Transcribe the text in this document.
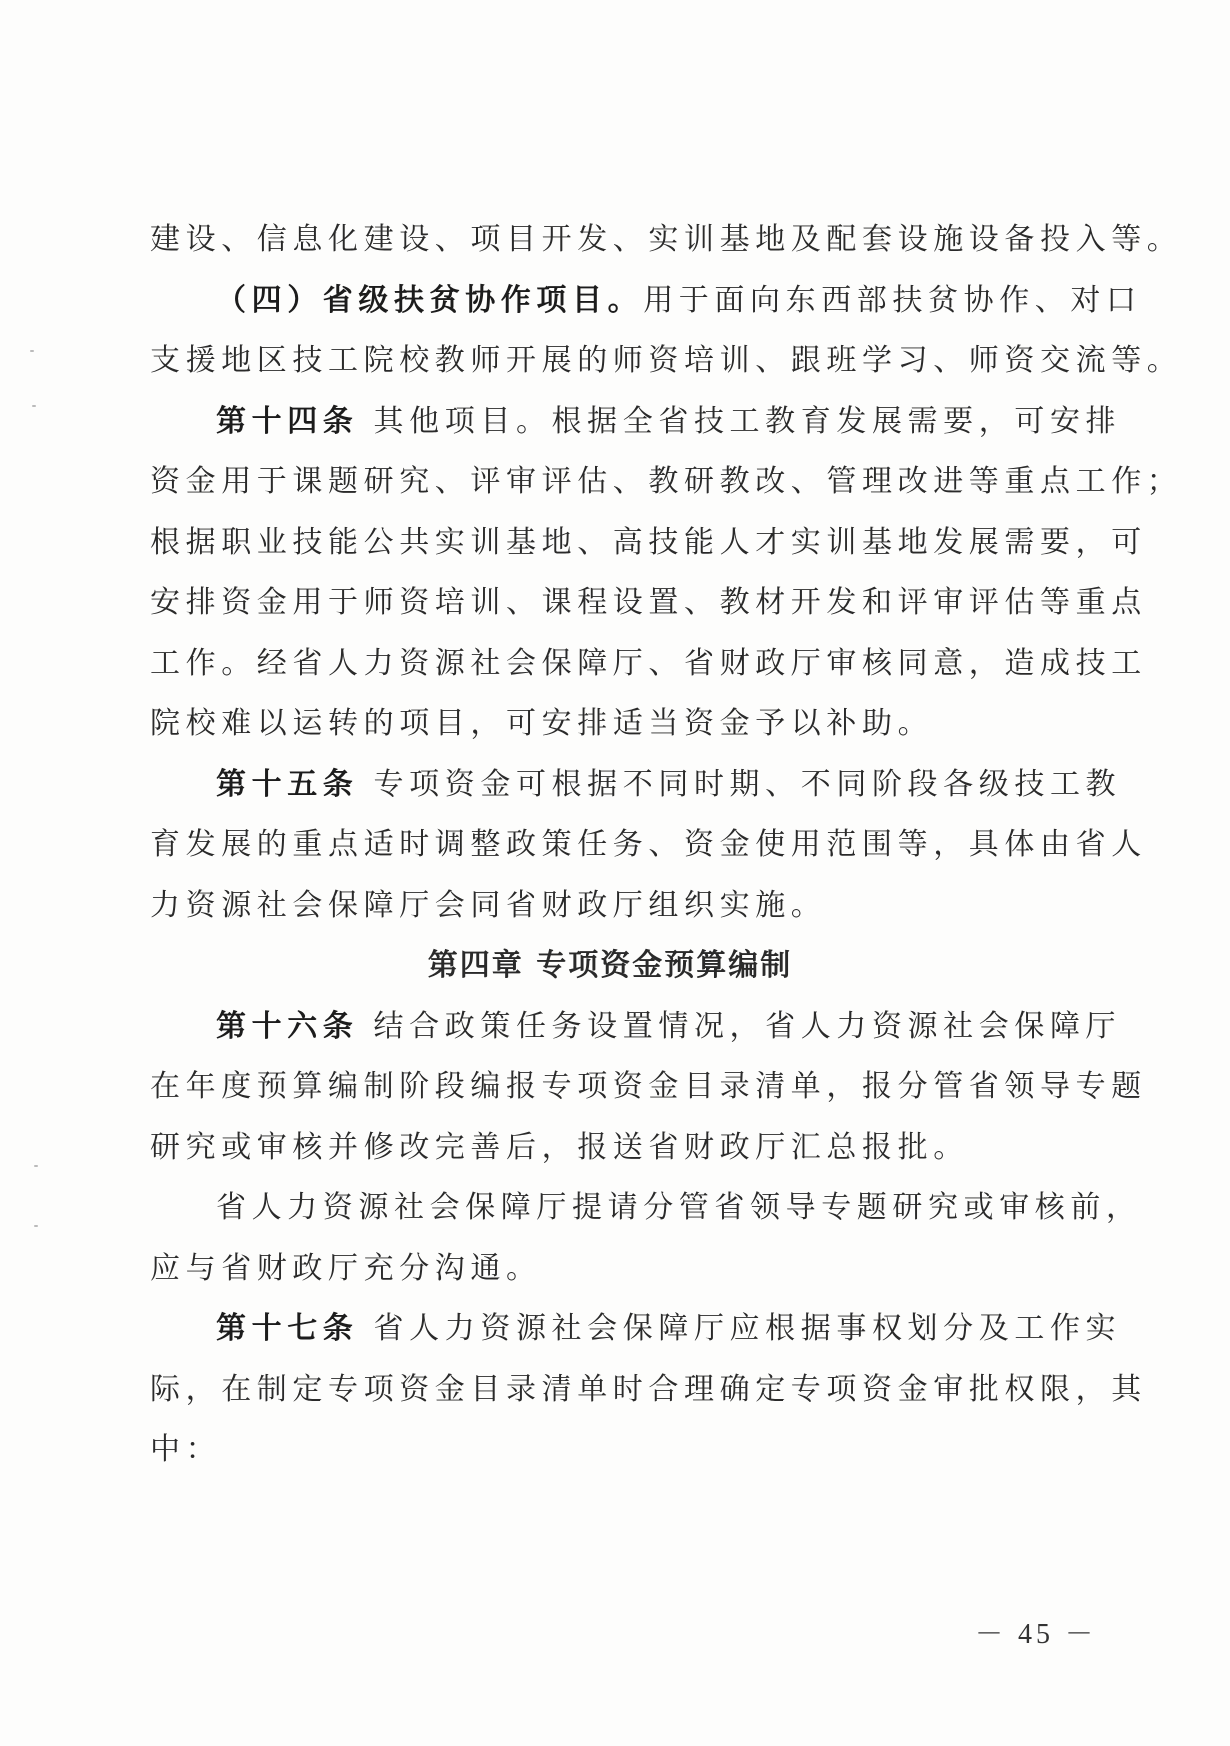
建设、信息化建设、项目开发、实训基地及配套设施设备投入等。

（四）省级扶贫协作项目。用于面向东西部扶贫协作、对口

支援地区技工院校教师开展的师资培训、跟班学习、师资交流等。

第十四条 其他项目。根据全省技工教育发展需要，可安排

资金用于课题研究、评审评估、教研教改、管理改进等重点工作；

根据职业技能公共实训基地、高技能人才实训基地发展需要，可

安排资金用于师资培训、课程设置、教材开发和评审评估等重点

工作。经省人力资源社会保障厅、省财政厅审核同意，造成技工

院校难以运转的项目，可安排适当资金予以补助。

第十五条 专项资金可根据不同时期、不同阶段各级技工教

育发展的重点适时调整政策任务、资金使用范围等，具体由省人

力资源社会保障厅会同省财政厅组织实施。

第四章 专项资金预算编制

第十六条 结合政策任务设置情况，省人力资源社会保障厅

在年度预算编制阶段编报专项资金目录清单，报分管省领导专题

研究或审核并修改完善后，报送省财政厅汇总报批。

省人力资源社会保障厅提请分管省领导专题研究或审核前，

应与省财政厅充分沟通。

第十七条 省人力资源社会保障厅应根据事权划分及工作实

际，在制定专项资金目录清单时合理确定专项资金审批权限，其

中：

－ 45 －
